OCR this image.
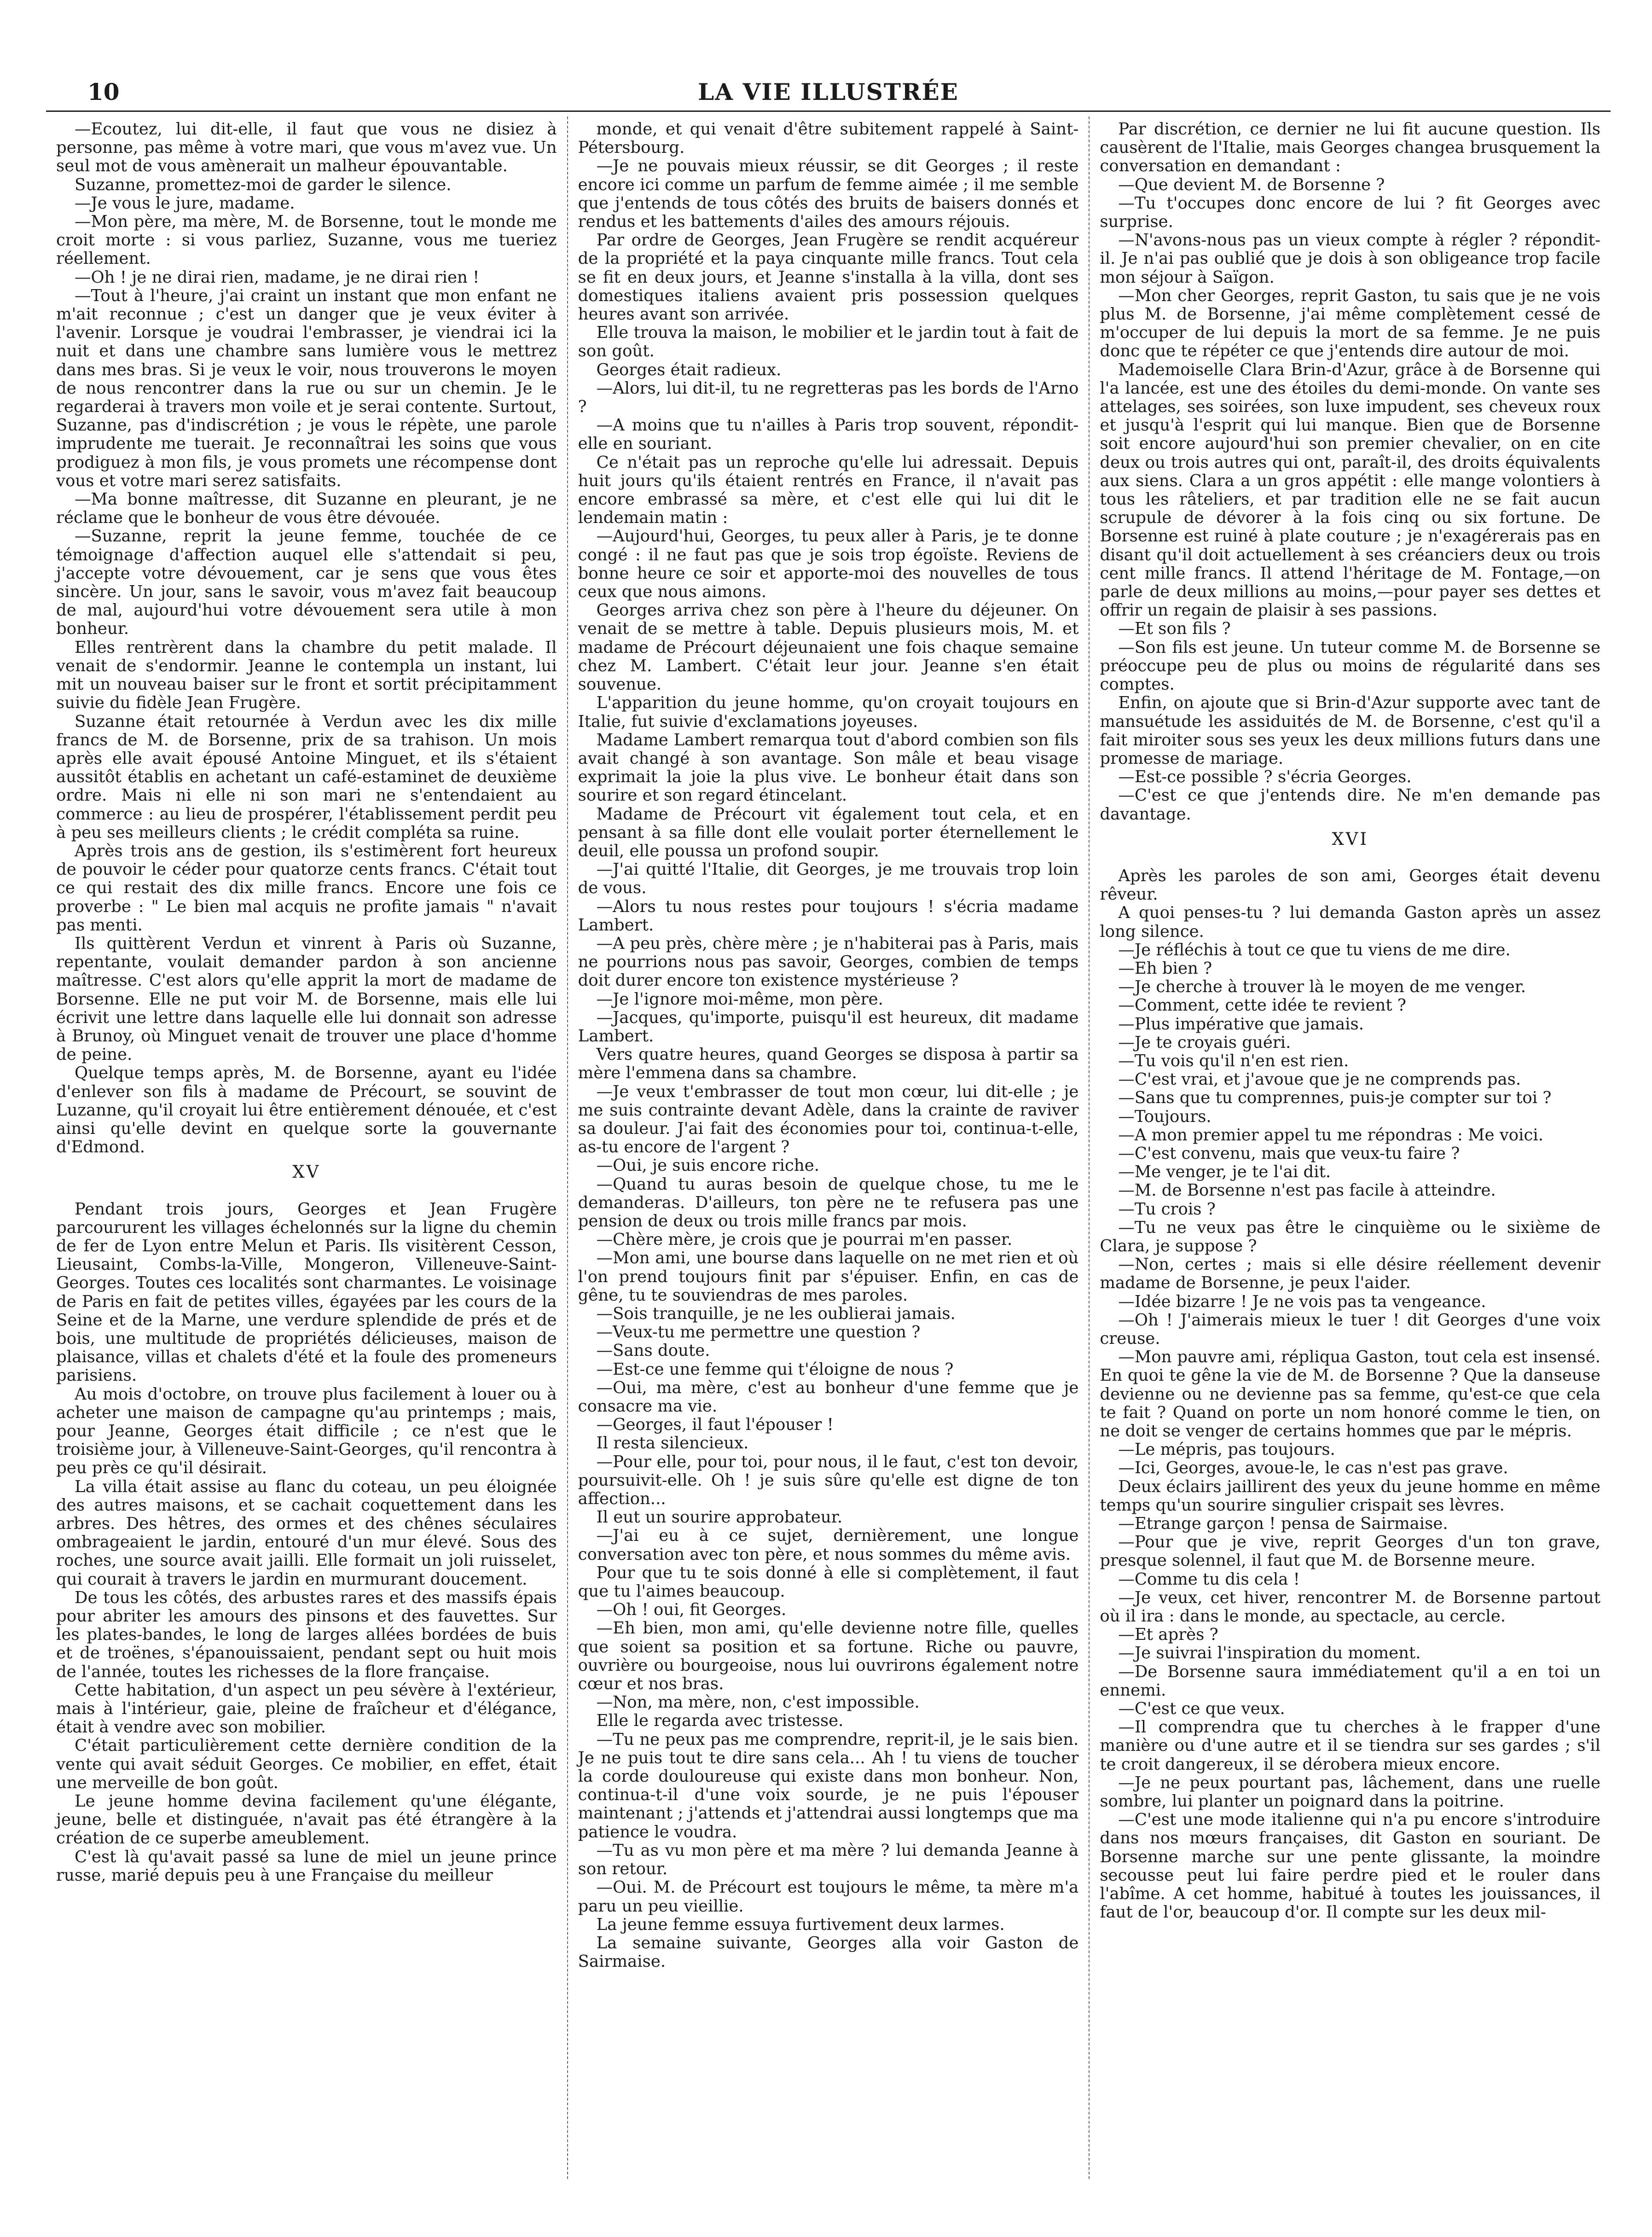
10	LA VIE ILLUSTRÉE

—Ecoutez, lui dit-elle, il faut que vous ne disiez à personne, pas même à votre mari, que vous m'avez vue. Un seul mot de vous amènerait un malheur épouvantable.

Suzanne, promettez-moi de garder le silence.

—Je vous le jure, madame.

—Mon père, ma mère, M. de Borsenne, tout le monde me croit morte : si vous parliez, Suzanne, vous me tueriez réellement.

—Oh ! je ne dirai rien, madame, je ne dirai rien !

—Tout à l'heure, j'ai craint un instant que mon enfant ne m'ait reconnue ; c'est un danger que je veux éviter à l'avenir. Lorsque je voudrai l'embrasser, je viendrai ici la nuit et dans une chambre sans lumière vous le mettrez dans mes bras. Si je veux le voir, nous trouverons le moyen de nous rencontrer dans la rue ou sur un chemin. Je le regarderai à travers mon voile et je serai contente. Surtout, Suzanne, pas d'indiscrétion ; je vous le répète, une parole imprudente me tuerait. Je reconnaîtrai les soins que vous prodiguez à mon fils, je vous promets une récompense dont vous et votre mari serez satisfaits.

—Ma bonne maîtresse, dit Suzanne en pleurant, je ne réclame que le bonheur de vous être dévouée.

—Suzanne, reprit la jeune femme, touchée de ce témoignage d'affection auquel elle s'attendait si peu, j'accepte votre dévouement, car je sens que vous êtes sincère. Un jour, sans le savoir, vous m'avez fait beaucoup de mal, aujourd'hui votre dévouement sera utile à mon bonheur.

Elles rentrèrent dans la chambre du petit malade. Il venait de s'endormir. Jeanne le contempla un instant, lui mit un nouveau baiser sur le front et sortit précipitamment suivie du fidèle Jean Frugère.

Suzanne était retournée à Verdun avec les dix mille francs de M. de Borsenne, prix de sa trahison. Un mois après elle avait épousé Antoine Minguet, et ils s'étaient aussitôt établis en achetant un café-estaminet de deuxième ordre. Mais ni elle ni son mari ne s'entendaient au commerce : au lieu de prospérer, l'établissement perdit peu à peu ses meilleurs clients ; le crédit compléta sa ruine.

Après trois ans de gestion, ils s'estimèrent fort heureux de pouvoir le céder pour quatorze cents francs. C'était tout ce qui restait des dix mille francs. Encore une fois ce proverbe : " Le bien mal acquis ne profite jamais " n'avait pas menti.

Ils quittèrent Verdun et vinrent à Paris où Suzanne, repentante, voulait demander pardon à son ancienne maîtresse. C'est alors qu'elle apprit la mort de madame de Borsenne. Elle ne put voir M. de Borsenne, mais elle lui écrivit une lettre dans laquelle elle lui donnait son adresse à Brunoy, où Minguet venait de trouver une place d'homme de peine.

Quelque temps après, M. de Borsenne, ayant eu l'idée d'enlever son fils à madame de Précourt, se souvint de Luzanne, qu'il croyait lui être entièrement dénouée, et c'est ainsi qu'elle devint en quelque sorte la gouvernante d'Edmond.

XV

Pendant trois jours, Georges et Jean Frugère parcoururent les villages échelonnés sur la ligne du chemin de fer de Lyon entre Melun et Paris. Ils visitèrent Cesson, Lieusaint, Combs-la-Ville, Mongeron, Villeneuve-Saint-Georges. Toutes ces localités sont charmantes. Le voisinage de Paris en fait de petites villes, égayées par les cours de la Seine et de la Marne, une verdure splendide de prés et de bois, une multitude de propriétés délicieuses, maison de plaisance, villas et chalets d'été et la foule des promeneurs parisiens.

Au mois d'octobre, on trouve plus facilement à louer ou à acheter une maison de campagne qu'au printemps ; mais, pour Jeanne, Georges était difficile ; ce n'est que le troisième jour, à Villeneuve-Saint-Georges, qu'il rencontra à peu près ce qu'il désirait.

La villa était assise au flanc du coteau, un peu éloignée des autres maisons, et se cachait coquettement dans les arbres. Des hêtres, des ormes et des chênes séculaires ombrageaient le jardin, entouré d'un mur élevé. Sous des roches, une source avait jailli. Elle formait un joli ruisselet, qui courait à travers le jardin en murmurant doucement.

De tous les côtés, des arbustes rares et des massifs épais pour abriter les amours des pinsons et des fauvettes. Sur les plates-bandes, le long de larges allées bordées de buis et de troënes, s'épanouissaient, pendant sept ou huit mois de l'année, toutes les richesses de la flore française.

Cette habitation, d'un aspect un peu sévère à l'extérieur, mais à l'intérieur, gaie, pleine de fraîcheur et d'élégance, était à vendre avec son mobilier.

C'était particulièrement cette dernière condition de la vente qui avait séduit Georges. Ce mobilier, en effet, était une merveille de bon goût.

Le jeune homme devina facilement qu'une élégante, jeune, belle et distinguée, n'avait pas été étrangère à la création de ce superbe ameublement.

C'est là qu'avait passé sa lune de miel un jeune prince russe, marié depuis peu à une Française du meilleur

monde, et qui venait d'être subitement rappelé à Saint-Pétersbourg.

—Je ne pouvais mieux réussir, se dit Georges ; il reste encore ici comme un parfum de femme aimée ; il me semble que j'entends de tous côtés des bruits de baisers donnés et rendus et les battements d'ailes des amours réjouis.

Par ordre de Georges, Jean Frugère se rendit acquéreur de la propriété et la paya cinquante mille francs. Tout cela se fit en deux jours, et Jeanne s'installa à la villa, dont ses domestiques italiens avaient pris possession quelques heures avant son arrivée.

Elle trouva la maison, le mobilier et le jardin tout à fait de son goût.

Georges était radieux.

—Alors, lui dit-il, tu ne regretteras pas les bords de l'Arno ?

—A moins que tu n'ailles à Paris trop souvent, répondit-elle en souriant.

Ce n'était pas un reproche qu'elle lui adressait. Depuis huit jours qu'ils étaient rentrés en France, il n'avait pas encore embrassé sa mère, et c'est elle qui lui dit le lendemain matin :

—Aujourd'hui, Georges, tu peux aller à Paris, je te donne congé : il ne faut pas que je sois trop égoïste. Reviens de bonne heure ce soir et apporte-moi des nouvelles de tous ceux que nous aimons.

Georges arriva chez son père à l'heure du déjeuner. On venait de se mettre à table. Depuis plusieurs mois, M. et madame de Précourt déjeunaient une fois chaque semaine chez M. Lambert. C'était leur jour. Jeanne s'en était souvenue.

L'apparition du jeune homme, qu'on croyait toujours en Italie, fut suivie d'exclamations joyeuses.

Madame Lambert remarqua tout d'abord combien son fils avait changé à son avantage. Son mâle et beau visage exprimait la joie la plus vive. Le bonheur était dans son sourire et son regard étincelant.

Madame de Précourt vit également tout cela, et en pensant à sa fille dont elle voulait porter éternellement le deuil, elle poussa un profond soupir.

—J'ai quitté l'Italie, dit Georges, je me trouvais trop loin de vous.

—Alors tu nous restes pour toujours ! s'écria madame Lambert.

—A peu près, chère mère ; je n'habiterai pas à Paris, mais ne pourrions nous pas savoir, Georges, combien de temps doit durer encore ton existence mystérieuse ?

—Je l'ignore moi-même, mon père.

—Jacques, qu'importe, puisqu'il est heureux, dit madame Lambert.

Vers quatre heures, quand Georges se disposa à partir sa mère l'emmena dans sa chambre.

—Je veux t'embrasser de tout mon cœur, lui dit-elle ; je me suis contrainte devant Adèle, dans la crainte de raviver sa douleur. J'ai fait des économies pour toi, continua-t-elle, as-tu encore de l'argent ?

—Oui, je suis encore riche.

—Quand tu auras besoin de quelque chose, tu me le demanderas. D'ailleurs, ton père ne te refusera pas une pension de deux ou trois mille francs par mois.

—Chère mère, je crois que je pourrai m'en passer.

—Mon ami, une bourse dans laquelle on ne met rien et où l'on prend toujours finit par s'épuiser. Enfin, en cas de gêne, tu te souviendras de mes paroles.

—Sois tranquille, je ne les oublierai jamais.

—Veux-tu me permettre une question ?

—Sans doute.

—Est-ce une femme qui t'éloigne de nous ?

—Oui, ma mère, c'est au bonheur d'une femme que je consacre ma vie.

—Georges, il faut l'épouser !

Il resta silencieux.

—Pour elle, pour toi, pour nous, il le faut, c'est ton devoir, poursuivit-elle. Oh ! je suis sûre qu'elle est digne de ton affection...

Il eut un sourire approbateur.

—J'ai eu à ce sujet, dernièrement, une longue conversation avec ton père, et nous sommes du même avis.

Pour que tu te sois donné à elle si complètement, il faut que tu l'aimes beaucoup.

—Oh ! oui, fit Georges.

—Eh bien, mon ami, qu'elle devienne notre fille, quelles que soient sa position et sa fortune. Riche ou pauvre, ouvrière ou bourgeoise, nous lui ouvrirons également notre cœur et nos bras.

—Non, ma mère, non, c'est impossible.

Elle le regarda avec tristesse.

—Tu ne peux pas me comprendre, reprit-il, je le sais bien. Je ne puis tout te dire sans cela... Ah ! tu viens de toucher la corde douloureuse qui existe dans mon bonheur. Non, continua-t-il d'une voix sourde, je ne puis l'épouser maintenant ; j'attends et j'attendrai aussi longtemps que ma patience le voudra.

—Tu as vu mon père et ma mère ? lui demanda Jeanne à son retour.

—Oui. M. de Précourt est toujours le même, ta mère m'a paru un peu vieillie.

La jeune femme essuya furtivement deux larmes.

La semaine suivante, Georges alla voir Gaston de Sairmaise.

Par discrétion, ce dernier ne lui fit aucune question. Ils causèrent de l'Italie, mais Georges changea brusquement la conversation en demandant :

—Que devient M. de Borsenne ?

—Tu t'occupes donc encore de lui ? fit Georges avec surprise.

—N'avons-nous pas un vieux compte à régler ? répondit-il. Je n'ai pas oublié que je dois à son obligeance trop facile mon séjour à Saïgon.

—Mon cher Georges, reprit Gaston, tu sais que je ne vois plus M. de Borsenne, j'ai même complètement cessé de m'occuper de lui depuis la mort de sa femme. Je ne puis donc que te répéter ce que j'entends dire autour de moi.

Mademoiselle Clara Brin-d'Azur, grâce à de Borsenne qui l'a lancée, est une des étoiles du demi-monde. On vante ses attelages, ses soirées, son luxe impudent, ses cheveux roux et jusqu'à l'esprit qui lui manque. Bien que de Borsenne soit encore aujourd'hui son premier chevalier, on en cite deux ou trois autres qui ont, paraît-il, des droits équivalents aux siens. Clara a un gros appétit : elle mange volontiers à tous les râteliers, et par tradition elle ne se fait aucun scrupule de dévorer à la fois cinq ou six fortune. De Borsenne est ruiné à plate couture ; je n'exagérerais pas en disant qu'il doit actuellement à ses créanciers deux ou trois cent mille francs. Il attend l'héritage de M. Fontage,—on parle de deux millions au moins,—pour payer ses dettes et offrir un regain de plaisir à ses passions.

—Et son fils ?

—Son fils est jeune. Un tuteur comme M. de Borsenne se préoccupe peu de plus ou moins de régularité dans ses comptes.

Enfin, on ajoute que si Brin-d'Azur supporte avec tant de mansuétude les assiduités de M. de Borsenne, c'est qu'il a fait miroiter sous ses yeux les deux millions futurs dans une promesse de mariage.

—Est-ce possible ? s'écria Georges.

—C'est ce que j'entends dire. Ne m'en demande pas davantage.

XVI

Après les paroles de son ami, Georges était devenu rêveur.

A quoi penses-tu ? lui demanda Gaston après un assez long silence.

—Je réfléchis à tout ce que tu viens de me dire.

—Eh bien ?

—Je cherche à trouver là le moyen de me venger.

—Comment, cette idée te revient ?

—Plus impérative que jamais.

—Je te croyais guéri.

—Tu vois qu'il n'en est rien.

—C'est vrai, et j'avoue que je ne comprends pas.

—Sans que tu comprennes, puis-je compter sur toi ?

—Toujours.

—A mon premier appel tu me répondras : Me voici.

—C'est convenu, mais que veux-tu faire ?

—Me venger, je te l'ai dit.

—M. de Borsenne n'est pas facile à atteindre.

—Tu crois ?

—Tu ne veux pas être le cinquième ou le sixième de Clara, je suppose ?

—Non, certes ; mais si elle désire réellement devenir madame de Borsenne, je peux l'aider.

—Idée bizarre ! Je ne vois pas ta vengeance.

—Oh ! J'aimerais mieux le tuer ! dit Georges d'une voix creuse.

—Mon pauvre ami, répliqua Gaston, tout cela est insensé. En quoi te gêne la vie de M. de Borsenne ? Que la danseuse devienne ou ne devienne pas sa femme, qu'est-ce que cela te fait ? Quand on porte un nom honoré comme le tien, on ne doit se venger de certains hommes que par le mépris.

—Le mépris, pas toujours.

—Ici, Georges, avoue-le, le cas n'est pas grave.

Deux éclairs jaillirent des yeux du jeune homme en même temps qu'un sourire singulier crispait ses lèvres.

—Etrange garçon ! pensa de Sairmaise.

—Pour que je vive, reprit Georges d'un ton grave, presque solennel, il faut que M. de Borsenne meure.

—Comme tu dis cela !

—Je veux, cet hiver, rencontrer M. de Borsenne partout où il ira : dans le monde, au spectacle, au cercle.

—Et après ?

—Je suivrai l'inspiration du moment.

—De Borsenne saura immédiatement qu'il a en toi un ennemi.

—C'est ce que veux.

—Il comprendra que tu cherches à le frapper d'une manière ou d'une autre et il se tiendra sur ses gardes ; s'il te croit dangereux, il se dérobera mieux encore.

—Je ne peux pourtant pas, lâchement, dans une ruelle sombre, lui planter un poignard dans la poitrine.

—C'est une mode italienne qui n'a pu encore s'introduire dans nos mœurs françaises, dit Gaston en souriant. De Borsenne marche sur une pente glissante, la moindre secousse peut lui faire perdre pied et le rouler dans l'abîme. A cet homme, habitué à toutes les jouissances, il faut de l'or, beaucoup d'or. Il compte sur les deux mil-
